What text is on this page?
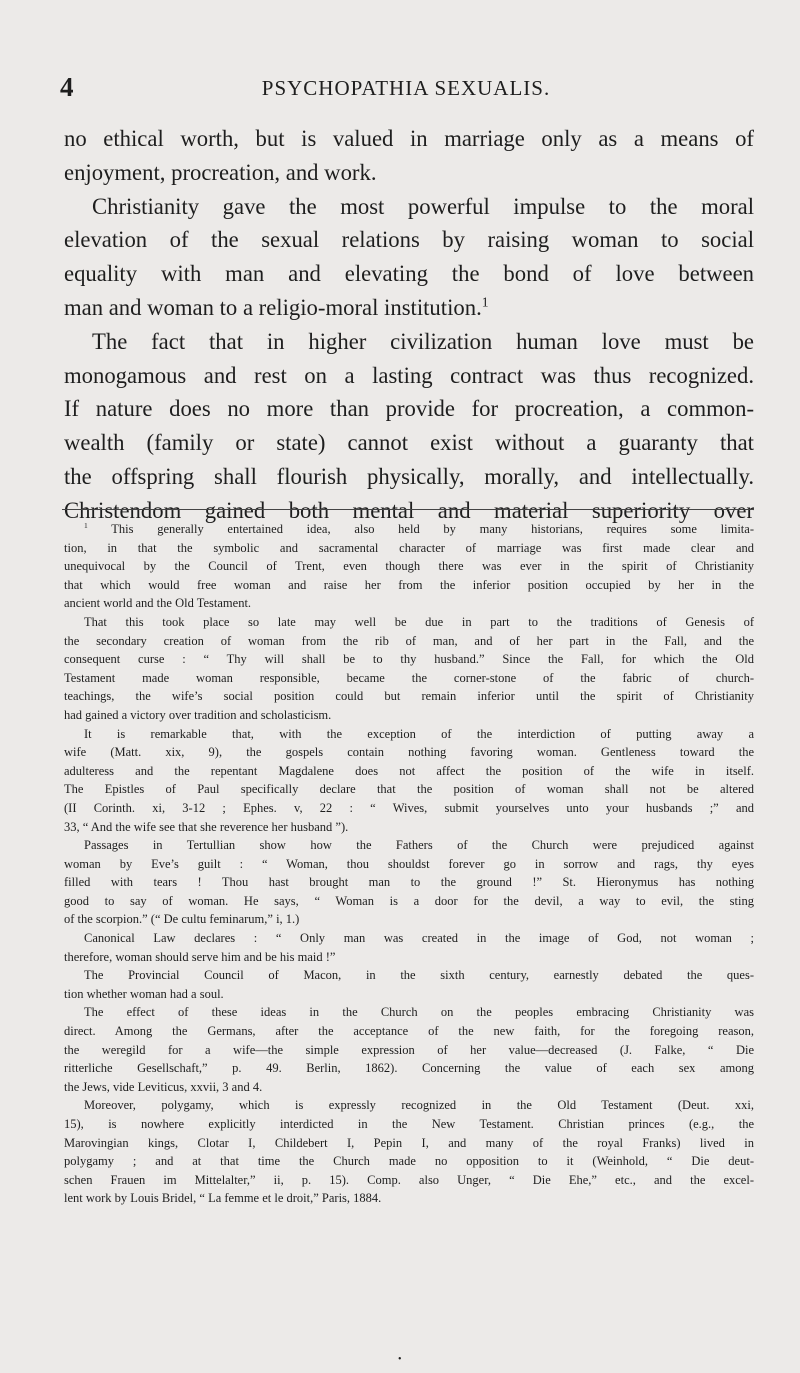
4	PSYCHOPATHIA SEXUALIS.
no ethical worth, but is valued in marriage only as a means of
enjoyment, procreation, and work.
Christianity gave the most powerful impulse to the moral
elevation of the sexual relations by raising woman to social
equality with man and elevating the bond of love between
man and woman to a religio-moral institution.$^1$
The fact that in higher civilization human love must be
monogamous and rest on a lasting contract was thus recognized.
If nature does no more than provide for procreation, a common-
wealth (family or state) cannot exist without a guaranty that
the offspring shall flourish physically, morally, and intellectually.
Christendom gained both mental and material superiority over
$^1$ This generally entertained idea, also held by many historians, requires some limita-
tion, in that the symbolic and sacramental character of marriage was first made clear and
unequivocal by the Council of Trent, even though there was ever in the spirit of Christianity
that which would free woman and raise her from the inferior position occupied by her in the
ancient world and the Old Testament.
That this took place so late may well be due in part to the traditions of Genesis of
the secondary creation of woman from the rib of man, and of her part in the Fall, and the
consequent curse : “ Thy will shall be to thy husband.” Since the Fall, for which the Old
Testament made woman responsible, became the corner-stone of the fabric of church-
teachings, the wife’s social position could but remain inferior until the spirit of Christianity
had gained a victory over tradition and scholasticism.
It is remarkable that, with the exception of the interdiction of putting away a
wife (Matt. xix, 9), the gospels contain nothing favoring woman. Gentleness toward the
adulteress and the repentant Magdalene does not affect the position of the wife in itself.
The Epistles of Paul specifically declare that the position of woman shall not be altered
(II Corinth. xi, 3-12 ; Ephes. v, 22 : “ Wives, submit yourselves unto your husbands ;” and
33, “ And the wife see that she reverence her husband ”).
Passages in Tertullian show how the Fathers of the Church were prejudiced against
woman by Eve’s guilt : “ Woman, thou shouldst forever go in sorrow and rags, thy eyes
filled with tears ! Thou hast brought man to the ground !” St. Hieronymus has nothing
good to say of woman. He says, “ Woman is a door for the devil, a way to evil, the sting
of the scorpion.” (“ De cultu feminarum,” i, 1.)
Canonical Law declares : “ Only man was created in the image of God, not woman ;
therefore, woman should serve him and be his maid !”
The Provincial Council of Macon, in the sixth century, earnestly debated the ques-
tion whether woman had a soul.
The effect of these ideas in the Church on the peoples embracing Christianity was
direct. Among the Germans, after the acceptance of the new faith, for the foregoing reason,
the weregild for a wife—the simple expression of her value—decreased (J. Falke, “ Die
ritterliche Gesellschaft,” p. 49. Berlin, 1862). Concerning the value of each sex among
the Jews, vide Leviticus, xxvii, 3 and 4.
Moreover, polygamy, which is expressly recognized in the Old Testament (Deut. xxi,
15), is nowhere explicitly interdicted in the New Testament. Christian princes (e.g., the
Marovingian kings, Clotar I, Childebert I, Pepin I, and many of the royal Franks) lived in
polygamy ; and at that time the Church made no opposition to it (Weinhold, “ Die deut-
schen Frauen im Mittelalter,” ii, p. 15). Comp. also Unger, “ Die Ehe,” etc., and the excel-
lent work by Louis Bridel, “ La femme et le droit,” Paris, 1884.
•
